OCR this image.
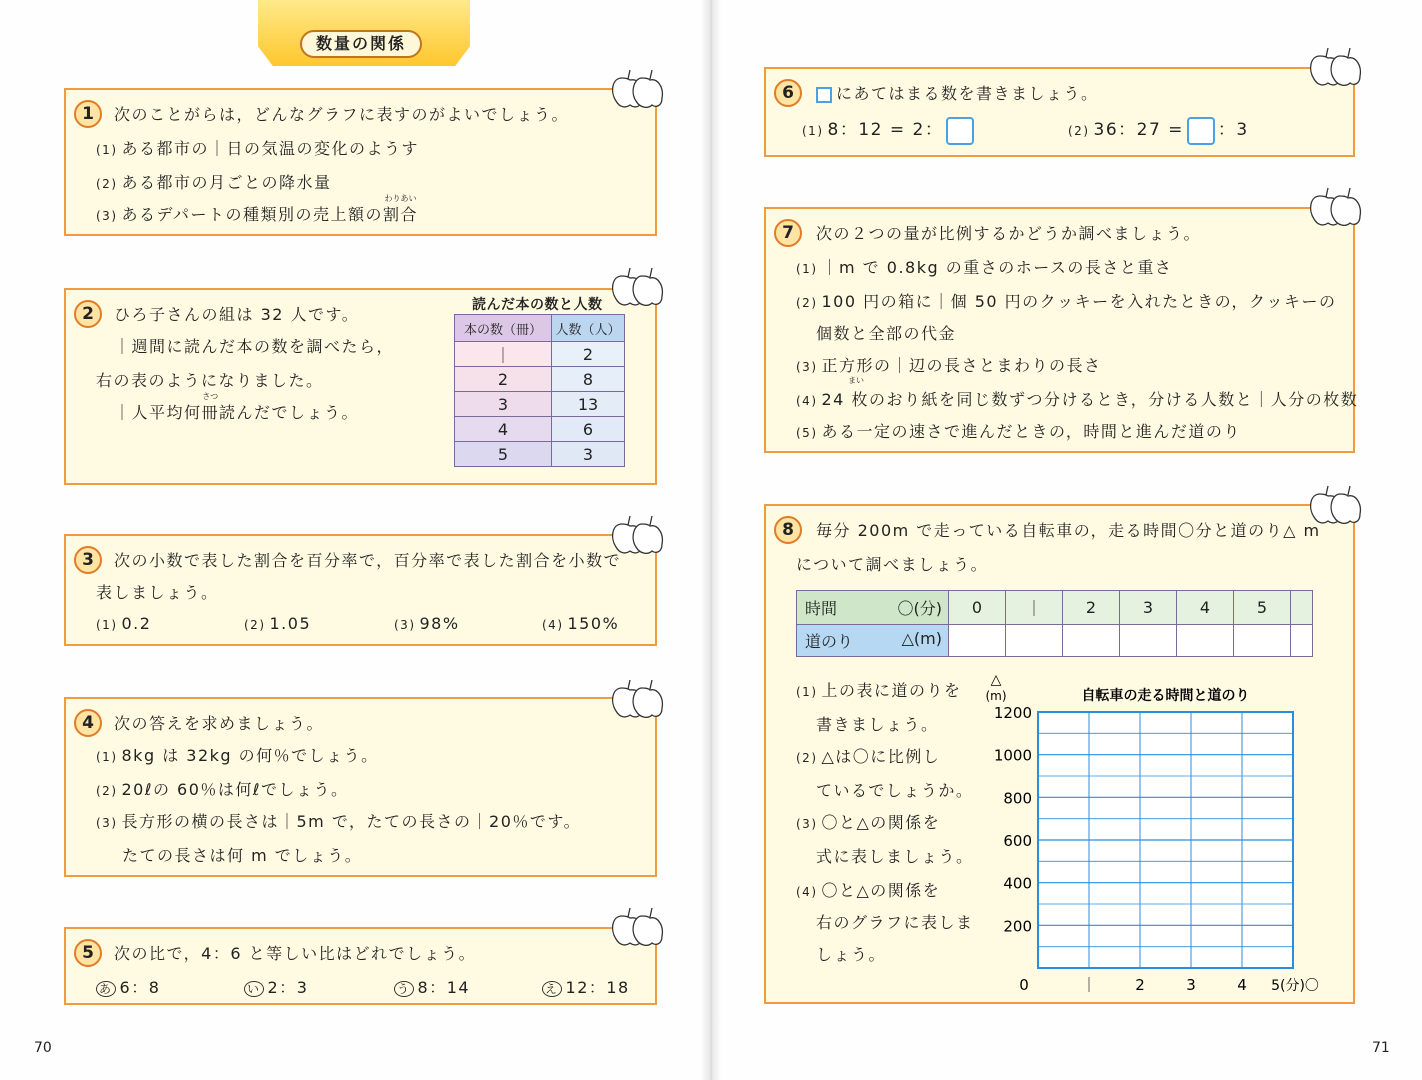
数量の関係
1	次のことがらは，どんなグラフに表すのがよいでしょう。
(1) ある都市の｜日の気温の変化のようす
(2) ある都市の月ごとの降水量
(3) あるデパートの種類別の売上額の
わりあい
割合
2	ひろ子さんの組は 32 人です。
｜週間に読んだ本の数を調べたら，
右の表のようになりました。
｜人平均何
さつ
冊読んだでしょう。
読んだ本の数と人数
本の数（冊）	人数（人）
｜	2
2	8
3	13
4	6
5	3
3	次の小数で表した割合を百分率で，百分率で表した割合を小数で
表しましょう。
(1) 0.2	(2) 1.05	(3) 98%	(4) 150%
4	次の答えを求めましょう。
(1) 8kg は 32kg の何％でしょう。
(2) 20ℓの 60％は何ℓでしょう。
(3) 長方形の横の長さは｜5m で，たての長さの｜20％です。
たての長さは何 m でしょう。
5	次の比で，4：6 と等しい比はどれでしょう。
あ 6：8	い 2：3	う 8：14	え 12：18
70
6	にあてはまる数を書きましょう。
(1) 8：12 = 2：	(2) 36：27 = ：3
7	次の２つの量が比例するかどうか調べましょう。
(1) ｜m で 0.8kg の重さのホースの長さと重さ
(2) 100 円の箱に｜個 50 円のクッキーを入れたときの，クッキーの
個数と全部の代金
(3) 正方形の｜辺の長さとまわりの長さ
まい
(4) 24 枚のおり紙を同じ数ずつ分けるとき，分ける人数と｜人分の枚数
(5) ある一定の速さで進んだときの，時間と進んだ道のり
8	毎分 200m で走っている自転車の，走る時間〇分と道のり△ m
について調べましょう。
時間 〇(分)	0	｜	2	3	4	5	
道のり △(m)							

(1) 上の表に道のりを
書きましょう。
(2) △は〇に比例し
ているでしょうか。
(3) 〇と△の関係を
式に表しましょう。
(4) 〇と△の関係を
右のグラフに表しま
しょう。
自転車の走る時間と道のり
△
(m)
1200
1000
800
600
400
200
0	｜	2	3	4 5(分)〇
71
